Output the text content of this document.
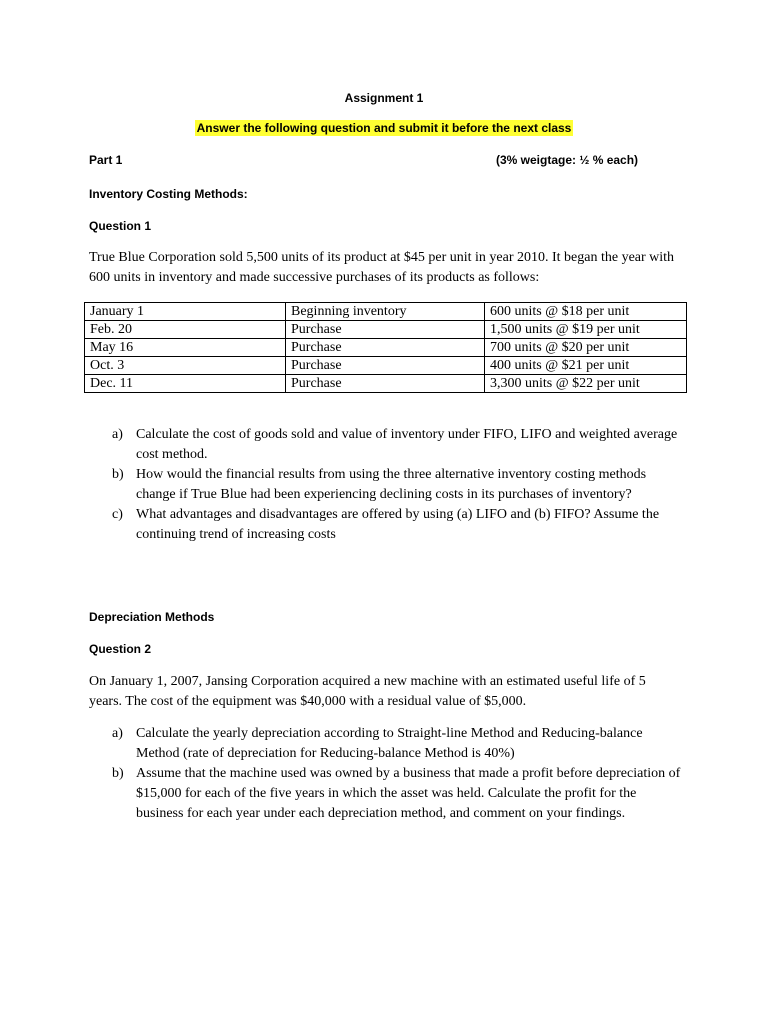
Assignment 1
Answer the following question and submit it before the next class
Part 1	(3% weigtage: ½ % each)
Inventory Costing Methods:
Question 1
True Blue Corporation sold 5,500 units of its product at $45 per unit in year 2010. It began the year with 600 units in inventory and made successive purchases of its products as follows:
January 1	Beginning inventory	600 units @ $18 per unit
Feb. 20	Purchase	1,500 units @ $19 per unit
May 16	Purchase	700 units @ $20 per unit
Oct. 3	Purchase	400 units @ $21 per unit
Dec. 11	Purchase	3,300 units @ $22 per unit
a) Calculate the cost of goods sold and value of inventory under FIFO, LIFO and weighted average cost method.
b) How would the financial results from using the three alternative inventory costing methods change if True Blue had been experiencing declining costs in its purchases of inventory?
c) What advantages and disadvantages are offered by using (a) LIFO and (b) FIFO? Assume the continuing trend of increasing costs
Depreciation Methods
Question 2
On January 1, 2007, Jansing Corporation acquired a new machine with an estimated useful life of 5 years. The cost of the equipment was $40,000 with a residual value of $5,000.
a) Calculate the yearly depreciation according to Straight-line Method and Reducing-balance Method (rate of depreciation for Reducing-balance Method is 40%)
b) Assume that the machine used was owned by a business that made a profit before depreciation of $15,000 for each of the five years in which the asset was held. Calculate the profit for the business for each year under each depreciation method, and comment on your findings.
